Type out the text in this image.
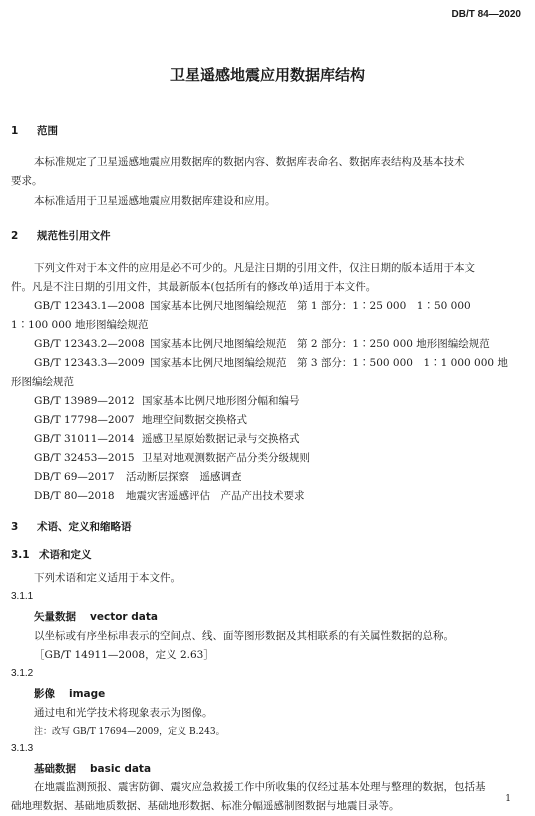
DB/T 84—2020
卫星遥感地震应用数据库结构
1 范围
本标准规定了卫星遥感地震应用数据库的数据内容、数据库表命名、数据库表结构及基本技术
要求。
本标准适用于卫星遥感地震应用数据库建设和应用。
2 规范性引用文件
下列文件对于本文件的应用是必不可少的。凡是注日期的引用文件，仅注日期的版本适用于本文
件。凡是不注日期的引用文件，其最新版本(包括所有的修改单)适用于本文件。
GB/T 12343.1—2008 国家基本比例尺地图编绘规范　第 1 部分：1∶25 000　1∶50 000
1∶100 000 地形图编绘规范
GB/T 12343.2—2008 国家基本比例尺地图编绘规范　第 2 部分：1∶250 000 地形图编绘规范
GB/T 12343.3—2009 国家基本比例尺地图编绘规范　第 3 部分：1∶500 000　1∶1 000 000 地
形图编绘规范
GB/T 13989—2012 国家基本比例尺地形图分幅和编号
GB/T 17798—2007 地理空间数据交换格式
GB/T 31011—2014 遥感卫星原始数据记录与交换格式
GB/T 32453—2015 卫星对地观测数据产品分类分级规则
DB/T 69—2017 活动断层探察　遥感调查
DB/T 80—2018 地震灾害遥感评估　产品产出技术要求
3 术语、定义和缩略语
3.1 术语和定义
下列术语和定义适用于本文件。
3.1.1
矢量数据 vector data
以坐标或有序坐标串表示的空间点、线、面等图形数据及其相联系的有关属性数据的总称。
［GB/T 14911—2008，定义 2.63］
3.1.2
影像 image
通过电和光学技术将现象表示为图像。
注：改写 GB/T 17694—2009，定义 B.243。
3.1.3
基础数据 basic data
在地震监测预报、震害防御、震灾应急救援工作中所收集的仅经过基本处理与整理的数据，包括基
础地理数据、基础地质数据、基础地形数据、标准分幅遥感制图数据与地震目录等。
1
